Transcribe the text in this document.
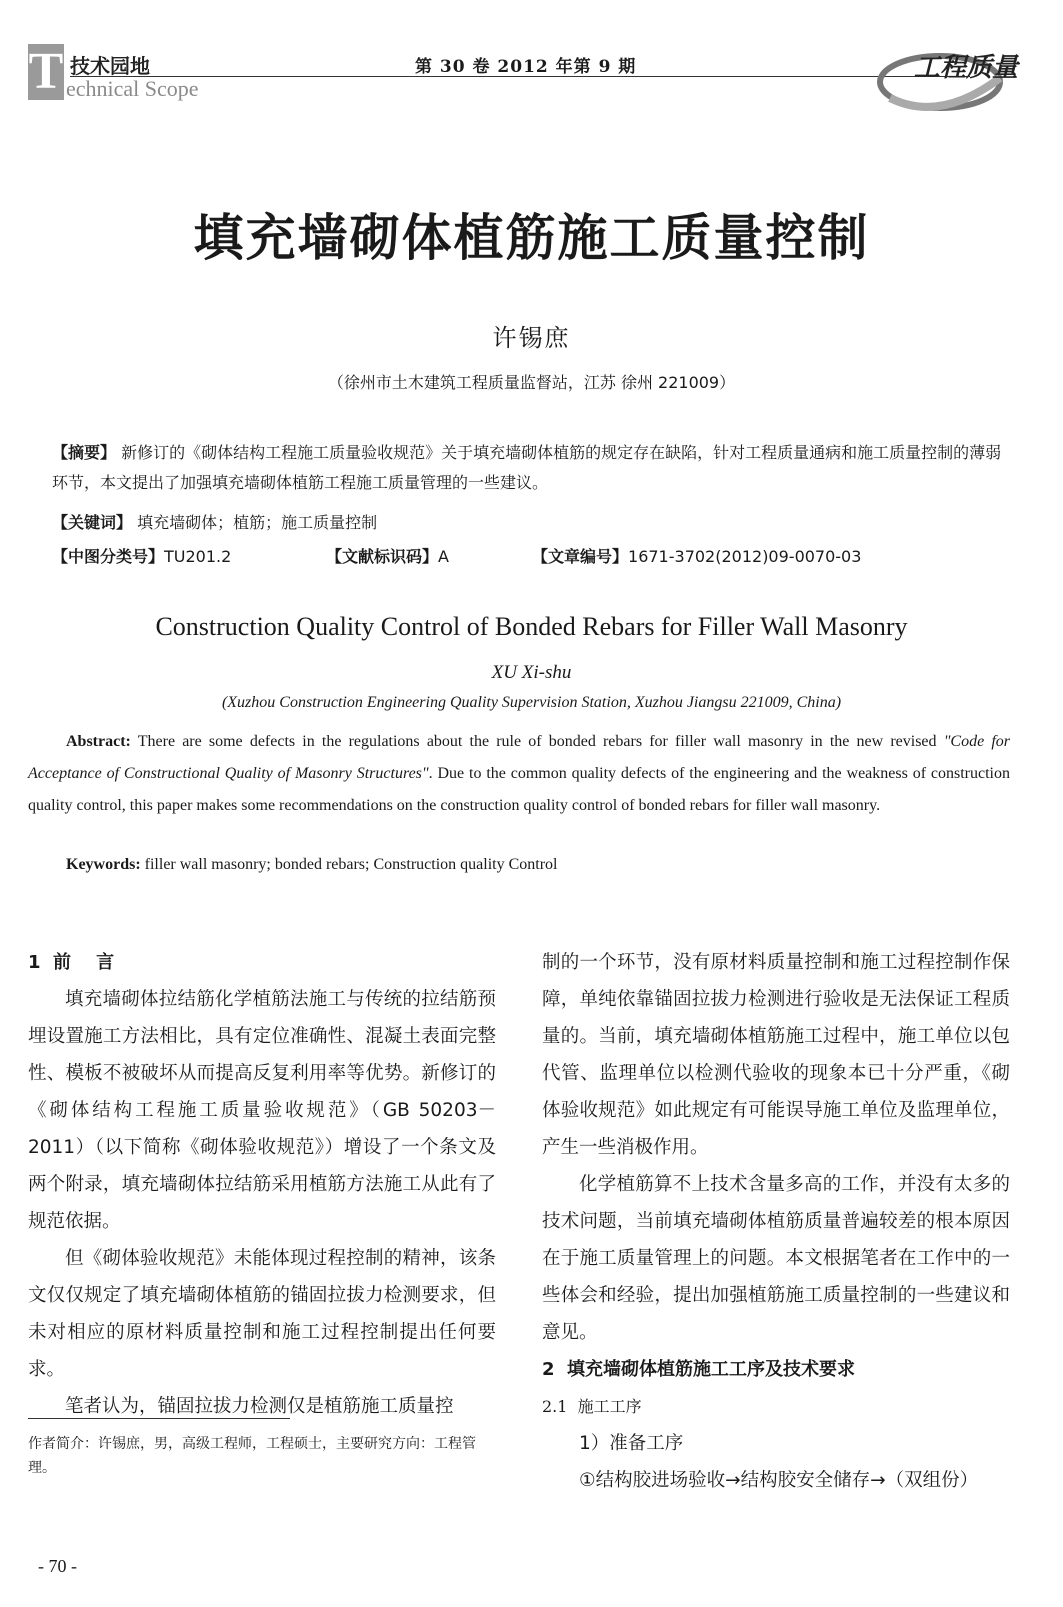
T 技术园地
echnical Scope
第 30 卷 2012 年第 9 期	工程质量
填充墙砌体植筋施工质量控制
许锡庶
（徐州市土木建筑工程质量监督站，江苏 徐州 221009）
【摘要】 新修订的《砌体结构工程施工质量验收规范》关于填充墙砌体植筋的规定存在缺陷，针对工程质量通病和施工质量控制的薄弱环节，本文提出了加强填充墙砌体植筋工程施工质量管理的一些建议。
【关键词】 填充墙砌体；植筋；施工质量控制
【中图分类号】TU201.2	【文献标识码】A	【文章编号】1671-3702(2012)09-0070-03
Construction Quality Control of Bonded Rebars for Filler Wall Masonry
XU Xi-shu
(Xuzhou Construction Engineering Quality Supervision Station, Xuzhou Jiangsu 221009, China)
Abstract: There are some defects in the regulations about the rule of bonded rebars for filler wall masonry in the new revised "Code for Acceptance of Constructional Quality of Masonry Structures". Due to the common quality defects of the engineering and the weakness of construction quality control, this paper makes some recommendations on the construction quality control of bonded rebars for filler wall masonry.
Keywords: filler wall masonry; bonded rebars; Construction quality Control
1  前    言

填充墙砌体拉结筋化学植筋法施工与传统的拉结筋预埋设置施工方法相比，具有定位准确性、混凝土表面完整性、模板不被破坏从而提高反复利用率等优势。新修订的《砌体结构工程施工质量验收规范》（GB 50203－2011）（以下简称《砌体验收规范》）增设了一个条文及两个附录，填充墙砌体拉结筋采用植筋方法施工从此有了规范依据。

但《砌体验收规范》未能体现过程控制的精神，该条文仅仅规定了填充墙砌体植筋的锚固拉拔力检测要求，但未对相应的原材料质量控制和施工过程控制提出任何要求。

笔者认为，锚固拉拔力检测仅是植筋施工质量控

制的一个环节，没有原材料质量控制和施工过程控制作保障，单纯依靠锚固拉拔力检测进行验收是无法保证工程质量的。当前，填充墙砌体植筋施工过程中，施工单位以包代管、监理单位以检测代验收的现象本已十分严重，《砌体验收规范》如此规定有可能误导施工单位及监理单位，产生一些消极作用。

化学植筋算不上技术含量多高的工作，并没有太多的技术问题，当前填充墙砌体植筋质量普遍较差的根本原因在于施工质量管理上的问题。本文根据笔者在工作中的一些体会和经验，提出加强植筋施工质量控制的一些建议和意见。

2  填充墙砌体植筋施工工序及技术要求
2.1  施工工序

1）准备工序

①结构胶进场验收→结构胶安全储存→（双组份）

作者简介：许锡庶，男，高级工程师，工程硕士，主要研究方向：工程管理。
- 70 -
